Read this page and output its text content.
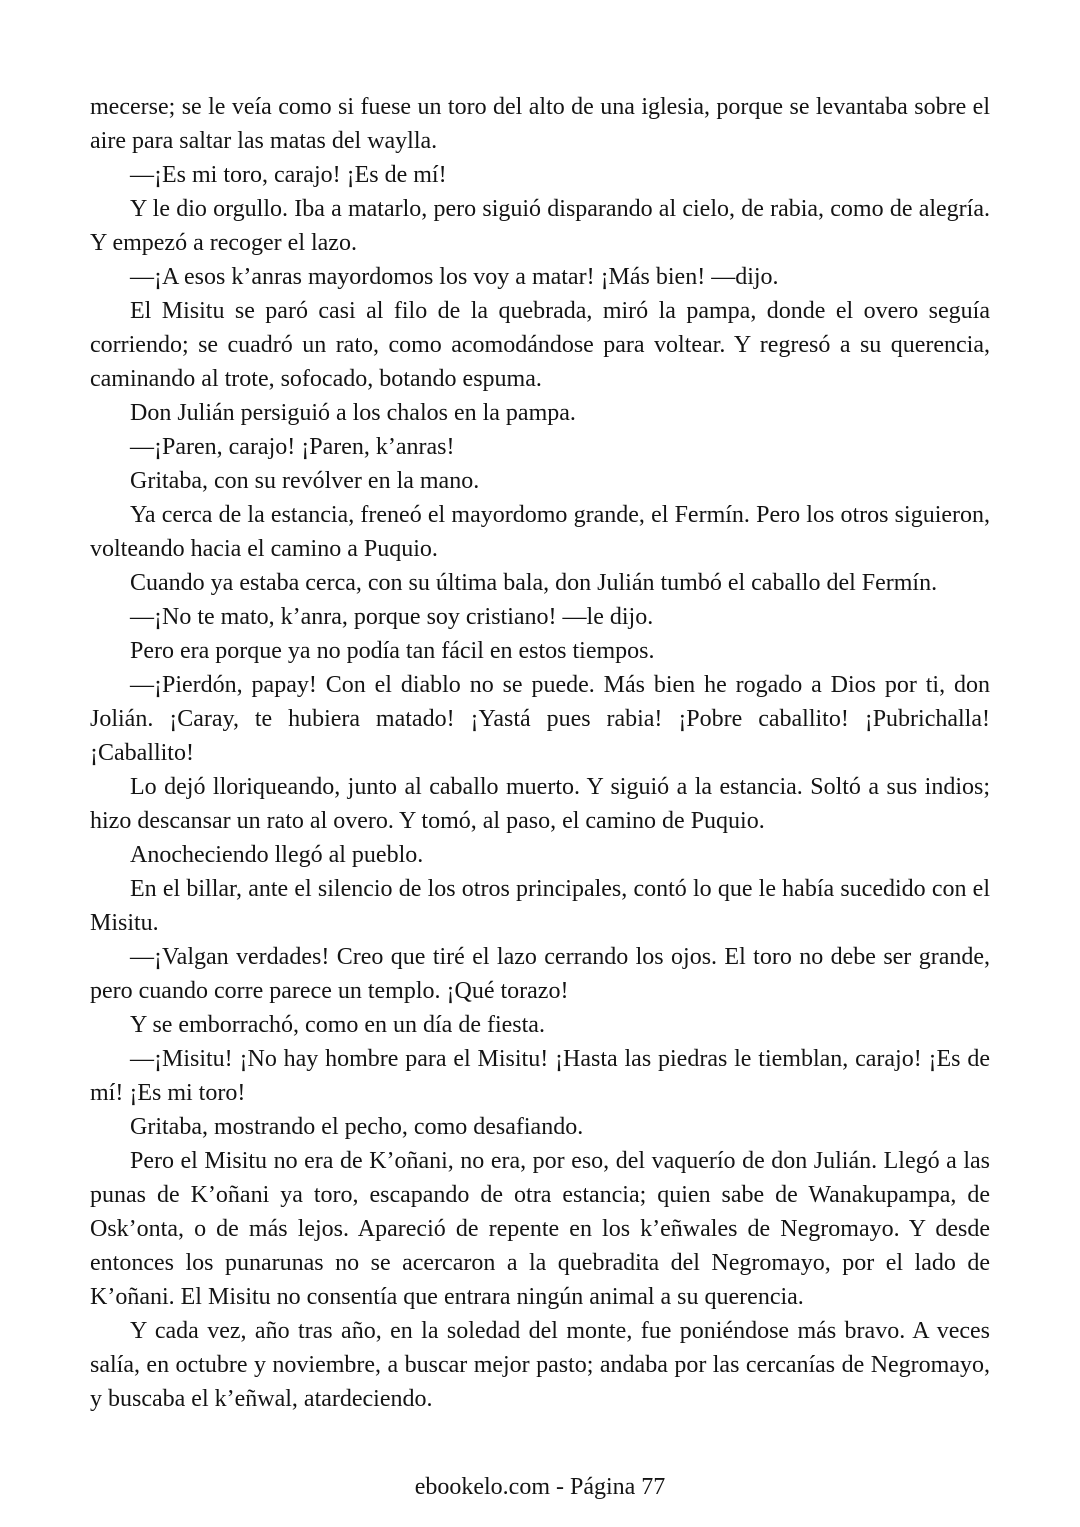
mecerse; se le veía como si fuese un toro del alto de una iglesia, porque se levantaba sobre el aire para saltar las matas del waylla.

—¡Es mi toro, carajo! ¡Es de mí!

Y le dio orgullo. Iba a matarlo, pero siguió disparando al cielo, de rabia, como de alegría. Y empezó a recoger el lazo.

—¡A esos k’anras mayordomos los voy a matar! ¡Más bien! —dijo.

El Misitu se paró casi al filo de la quebrada, miró la pampa, donde el overo seguía corriendo; se cuadró un rato, como acomodándose para voltear. Y regresó a su querencia, caminando al trote, sofocado, botando espuma.

Don Julián persiguió a los chalos en la pampa.

—¡Paren, carajo! ¡Paren, k’anras!

Gritaba, con su revólver en la mano.

Ya cerca de la estancia, freneó el mayordomo grande, el Fermín. Pero los otros siguieron, volteando hacia el camino a Puquio.

Cuando ya estaba cerca, con su última bala, don Julián tumbó el caballo del Fermín.

—¡No te mato, k’anra, porque soy cristiano! —le dijo.

Pero era porque ya no podía tan fácil en estos tiempos.

—¡Pierdón, papay! Con el diablo no se puede. Más bien he rogado a Dios por ti, don Jolián. ¡Caray, te hubiera matado! ¡Yastá pues rabia! ¡Pobre caballito! ¡Pubrichalla! ¡Caballito!

Lo dejó lloriqueando, junto al caballo muerto. Y siguió a la estancia. Soltó a sus indios; hizo descansar un rato al overo. Y tomó, al paso, el camino de Puquio.

Anocheciendo llegó al pueblo.

En el billar, ante el silencio de los otros principales, contó lo que le había sucedido con el Misitu.

—¡Valgan verdades! Creo que tiré el lazo cerrando los ojos. El toro no debe ser grande, pero cuando corre parece un templo. ¡Qué torazo!

Y se emborrachó, como en un día de fiesta.

—¡Misitu! ¡No hay hombre para el Misitu! ¡Hasta las piedras le tiemblan, carajo! ¡Es de mí! ¡Es mi toro!

Gritaba, mostrando el pecho, como desafiando.

Pero el Misitu no era de K’oñani, no era, por eso, del vaquerío de don Julián. Llegó a las punas de K’oñani ya toro, escapando de otra estancia; quien sabe de Wanakupampa, de Osk’onta, o de más lejos. Apareció de repente en los k’eñwales de Negromayo. Y desde entonces los punarunas no se acercaron a la quebradita del Negromayo, por el lado de K’oñani. El Misitu no consentía que entrara ningún animal a su querencia.

Y cada vez, año tras año, en la soledad del monte, fue poniéndose más bravo. A veces salía, en octubre y noviembre, a buscar mejor pasto; andaba por las cercanías de Negromayo, y buscaba el k’eñwal, atardeciendo.

ebookelo.com - Página 77
